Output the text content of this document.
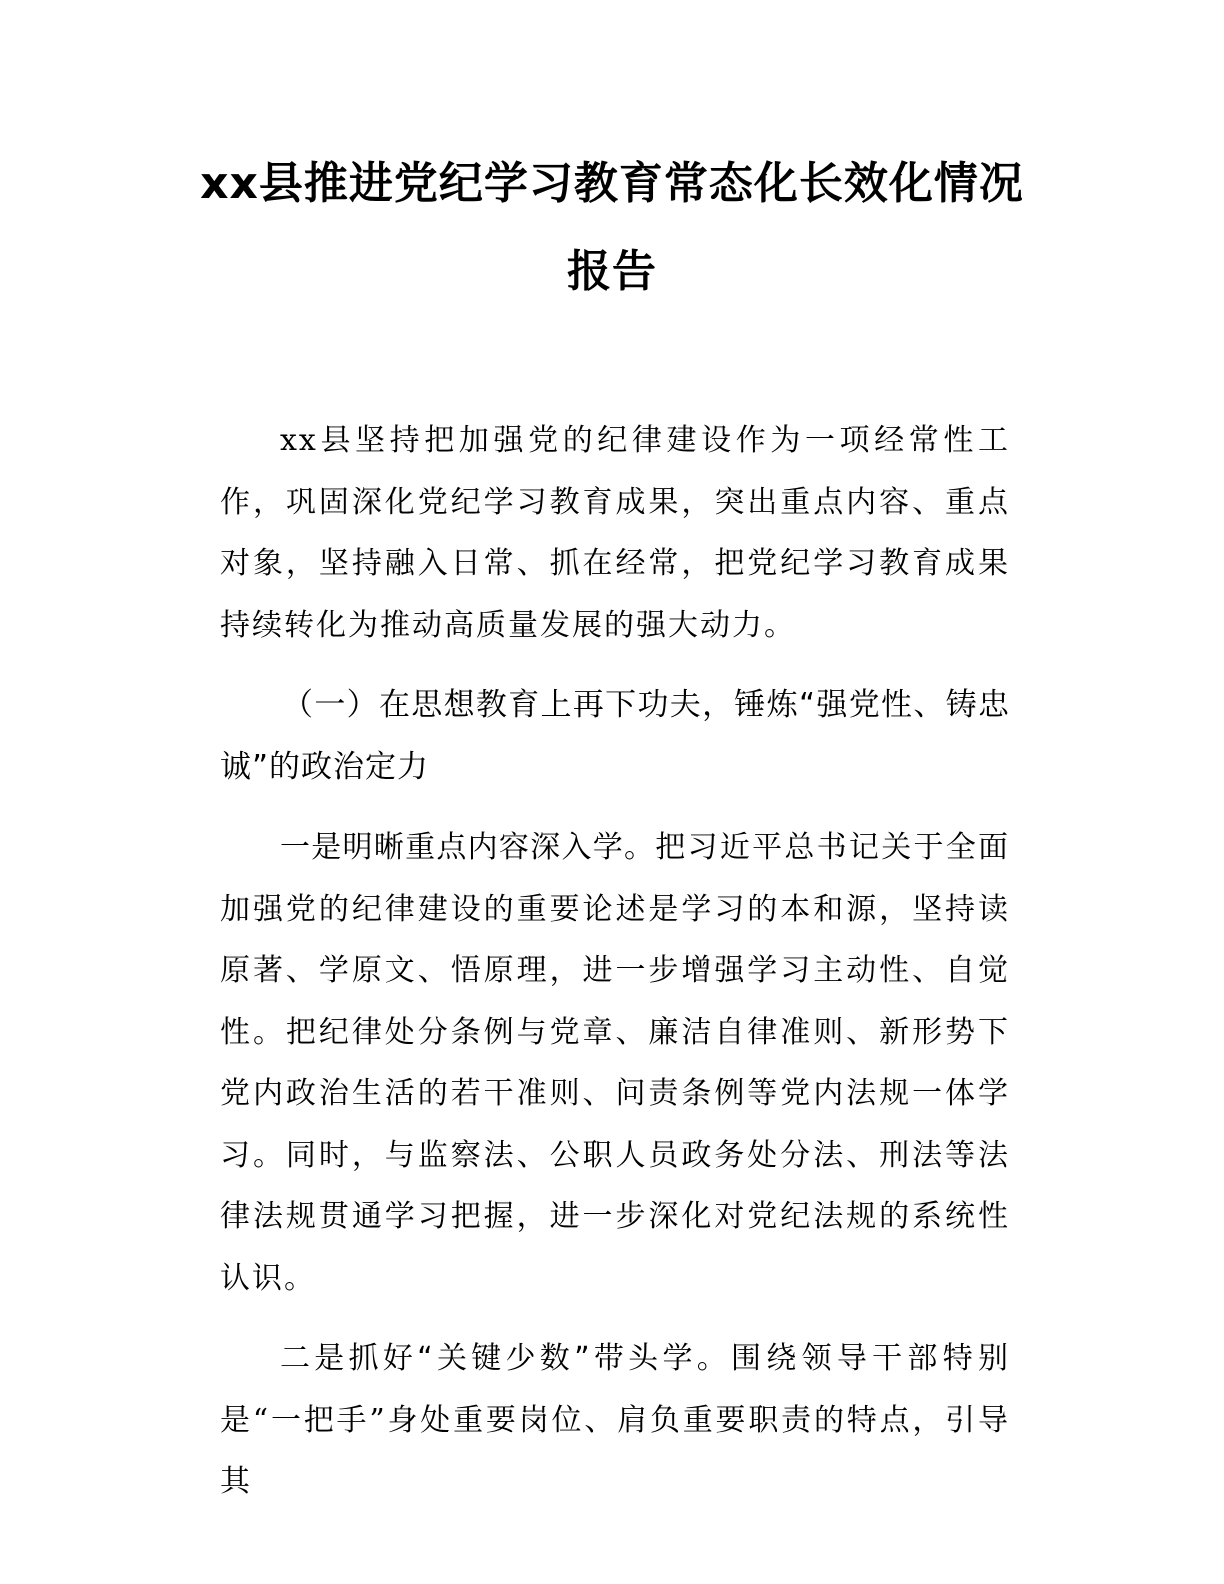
xx县推进党纪学习教育常态化长效化情况报告

xx县坚持把加强党的纪律建设作为一项经常性工作，巩固深化党纪学习教育成果，突出重点内容、重点对象，坚持融入日常、抓在经常，把党纪学习教育成果持续转化为推动高质量发展的强大动力。

（一）在思想教育上再下功夫，锤炼“强党性、铸忠诚”的政治定力

一是明晰重点内容深入学。把习近平总书记关于全面加强党的纪律建设的重要论述是学习的本和源，坚持读原著、学原文、悟原理，进一步增强学习主动性、自觉性。把纪律处分条例与党章、廉洁自律准则、新形势下党内政治生活的若干准则、问责条例等党内法规一体学习。同时，与监察法、公职人员政务处分法、刑法等法律法规贯通学习把握，进一步深化对党纪法规的系统性认识。

二是抓好“关键少数”带头学。围绕领导干部特别是“一把手”身处重要岗位、肩负重要职责的特点，引导其
